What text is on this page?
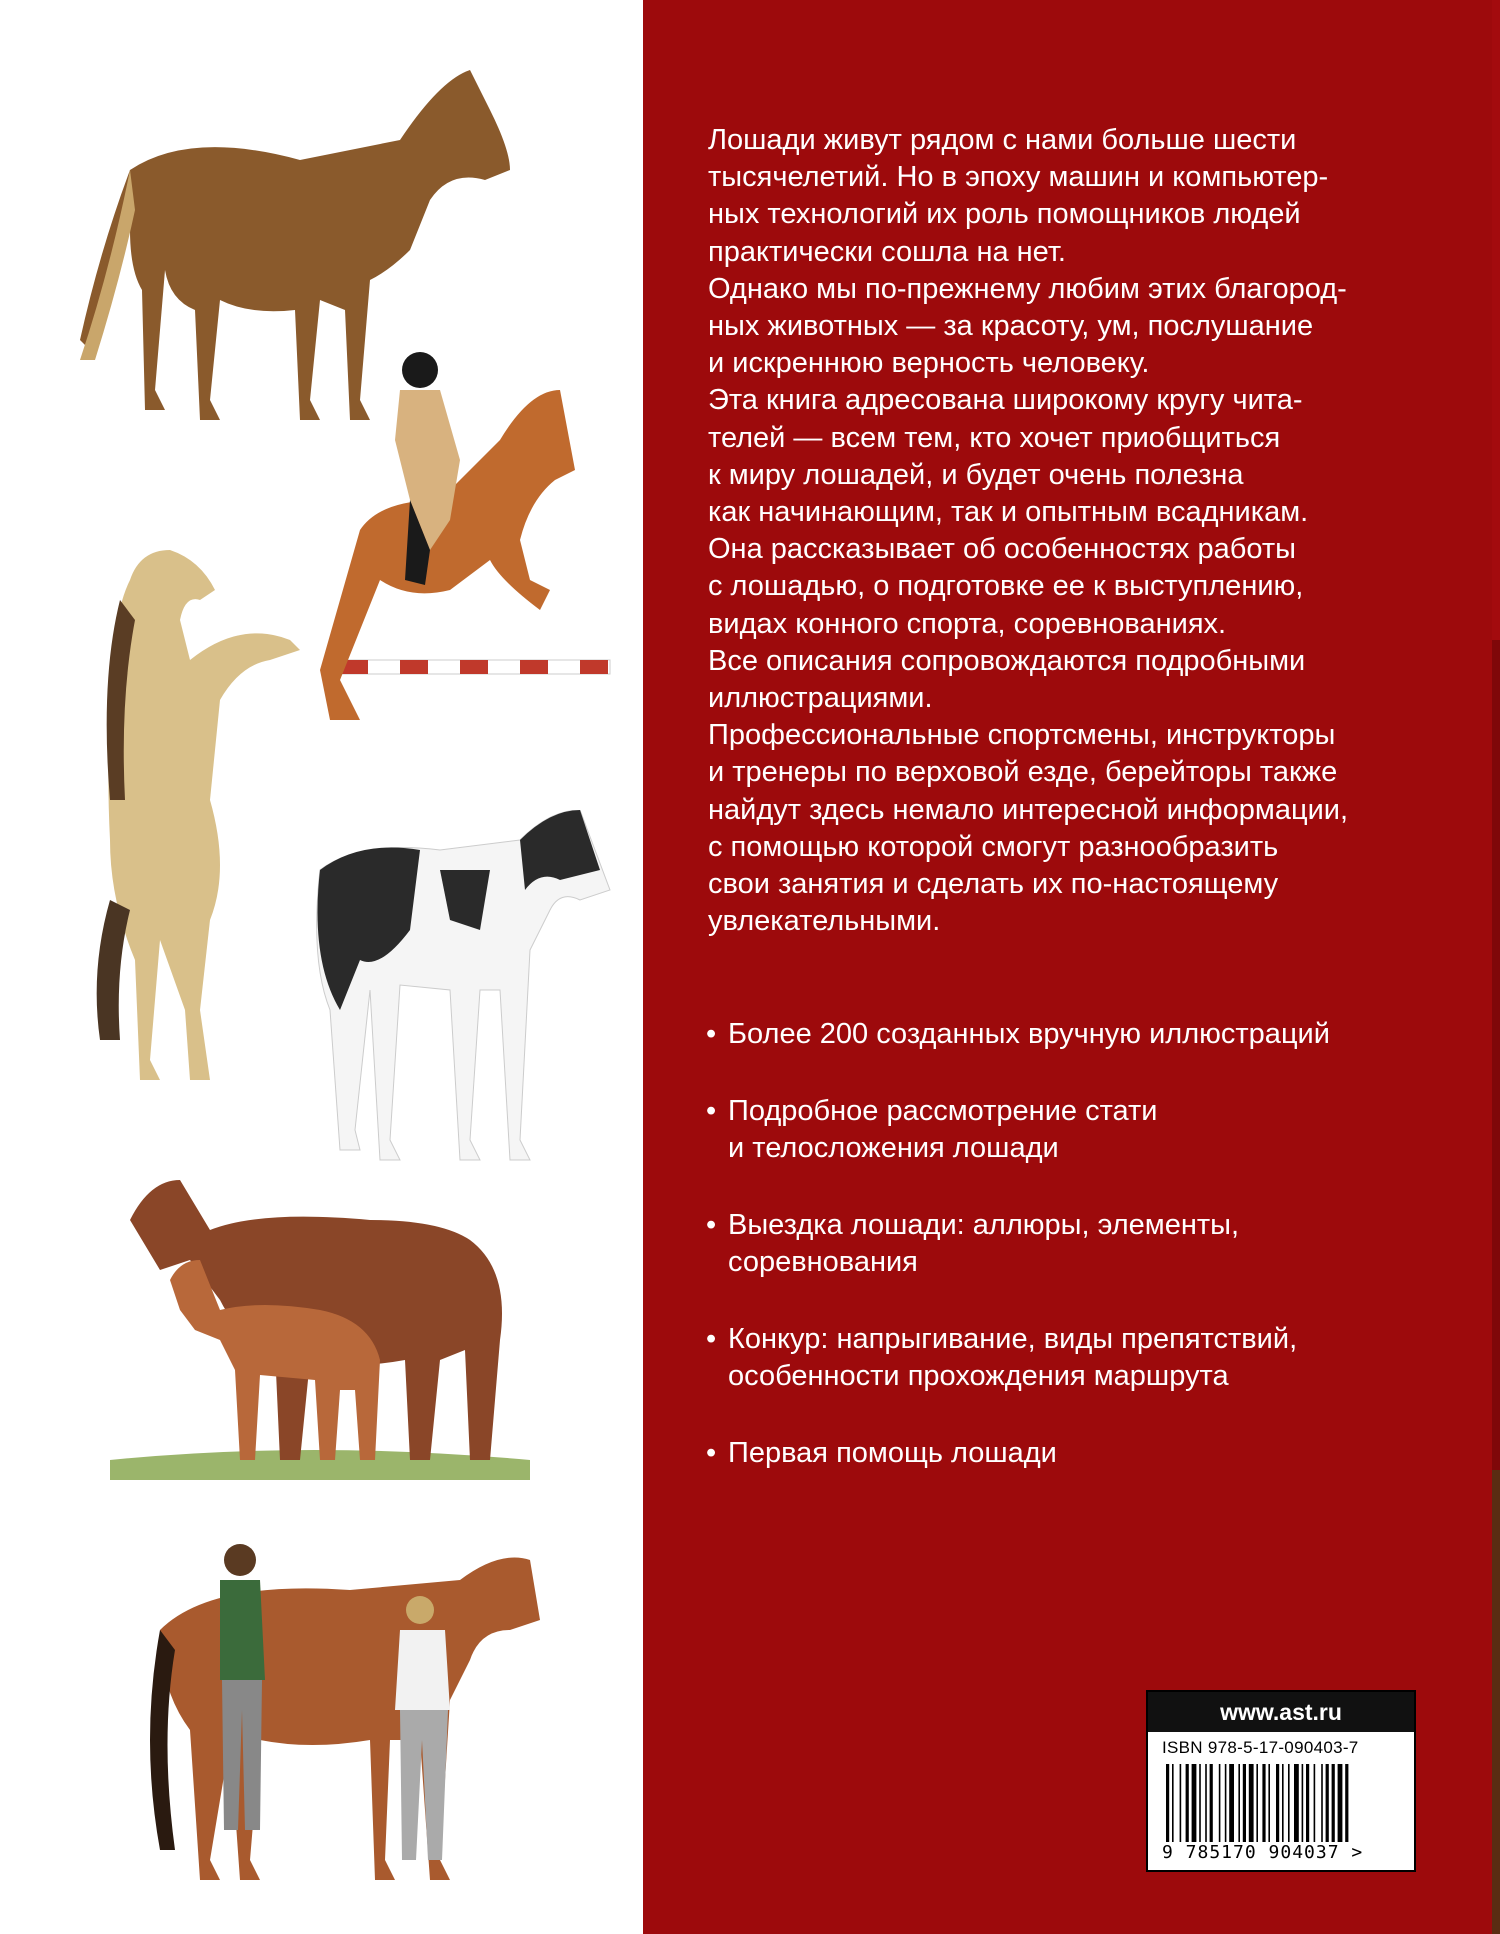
Лошади живут рядом с нами больше шести

тысячелетий. Но в эпоху машин и компьютер-

ных технологий их роль помощников людей

практически сошла на нет.

Однако мы по-прежнему любим этих благород-

ных животных — за красоту, ум, послушание

и искреннюю верность человеку.

Эта книга адресована широкому кругу чита-

телей — всем тем, кто хочет приобщиться

к миру лошадей, и будет очень полезна

как начинающим, так и опытным всадникам.

Она рассказывает об особенностях работы

с лошадью, о подготовке ее к выступлению,

видах конного спорта, соревнованиях.

Все описания сопровождаются подробными

иллюстрациями.

Профессиональные спортсмены, инструкторы

и тренеры по верховой езде, берейторы также

найдут здесь немало интересной информации,

с помощью которой смогут разнообразить

свои занятия и сделать их по-настоящему

увлекательными.

• Более 200 созданных вручную иллюстраций
• Подробное рассмотрение стати
и телосложения лошади
• Выездка лошади: аллюры, элементы,
соревнования
• Конкур: напрыгивание, виды препятствий,
особенности прохождения маршрута
• Первая помощь лошади
www.ast.ru
ISBN 978-5-17-090403-7
9 785170 904037 >
